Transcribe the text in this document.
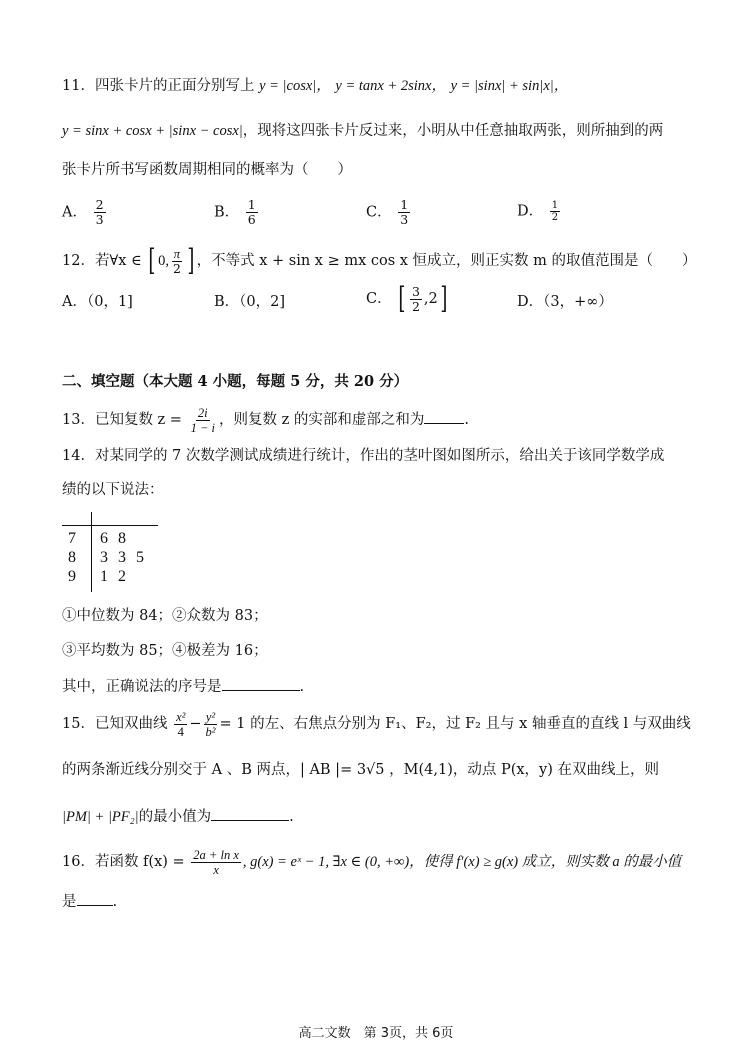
11．四张卡片的正面分别写上 y = |cosx|， y = tanx + 2sinx， y = |sinx| + sin|x|，
y = sinx + cosx + |sinx − cosx|，现将这四张卡片反过来，小明从中任意抽取两张，则所抽到的两
张卡片所书写函数周期相同的概率为（　　）
A． $\frac{2}{3}$	B． $\frac{1}{6}$	C． $\frac{1}{3}$	D． $\frac{1}{2}$
12．若∀x ∈ [ 0, $\frac{\pi}{2}$ ] ，不等式 x + sin x ≥ mx cos x 恒成立，则正实数 m 的取值范围是（　　）
A．（0，1]	B．（0，2]	C． [ $\frac{3}{2} ,2$]	D．（3，+∞）
二、填空题（本大题 4 小题，每题 5 分，共 20 分）
13．已知复数 $z = \frac{2i}{1 - i}$ ，则复数 z 的实部和虚部之和为	.
14．对某同学的 7 次数学测试成绩进行统计，作出的茎叶图如图所示，给出关于该同学数学成
绩的以下说法：
7 6 8
8 3 3 5
9 1 2
①中位数为 84；②众数为 83；
③平均数为 85；④极差为 16；
其中，正确说法的序号是	.
15．已知双曲线 $\frac{\text{x²}}{4} - \frac{\text{y²}}{\text{b²}} = 1$ 的左、右焦点分别为 F₁、F₂，过 F₂ 且与 x 轴垂直的直线 l 与双曲线
的两条渐近线分别交于 A 、B 两点，| AB |= 3√5 ，M(4,1)，动点 P(x，y) 在双曲线上，则
|PM| + |PF₂|的最小值为	.
16．若函数 $f(x) = \frac{\text{2a + ln x}}{x}$ , g(x) = eˣ − 1, ∃x ∈ (0, +∞)，使得 f′(x) ≥ g(x) 成立，则实数 a 的最小值
是 .
高二文数　第 3页，共 6页
